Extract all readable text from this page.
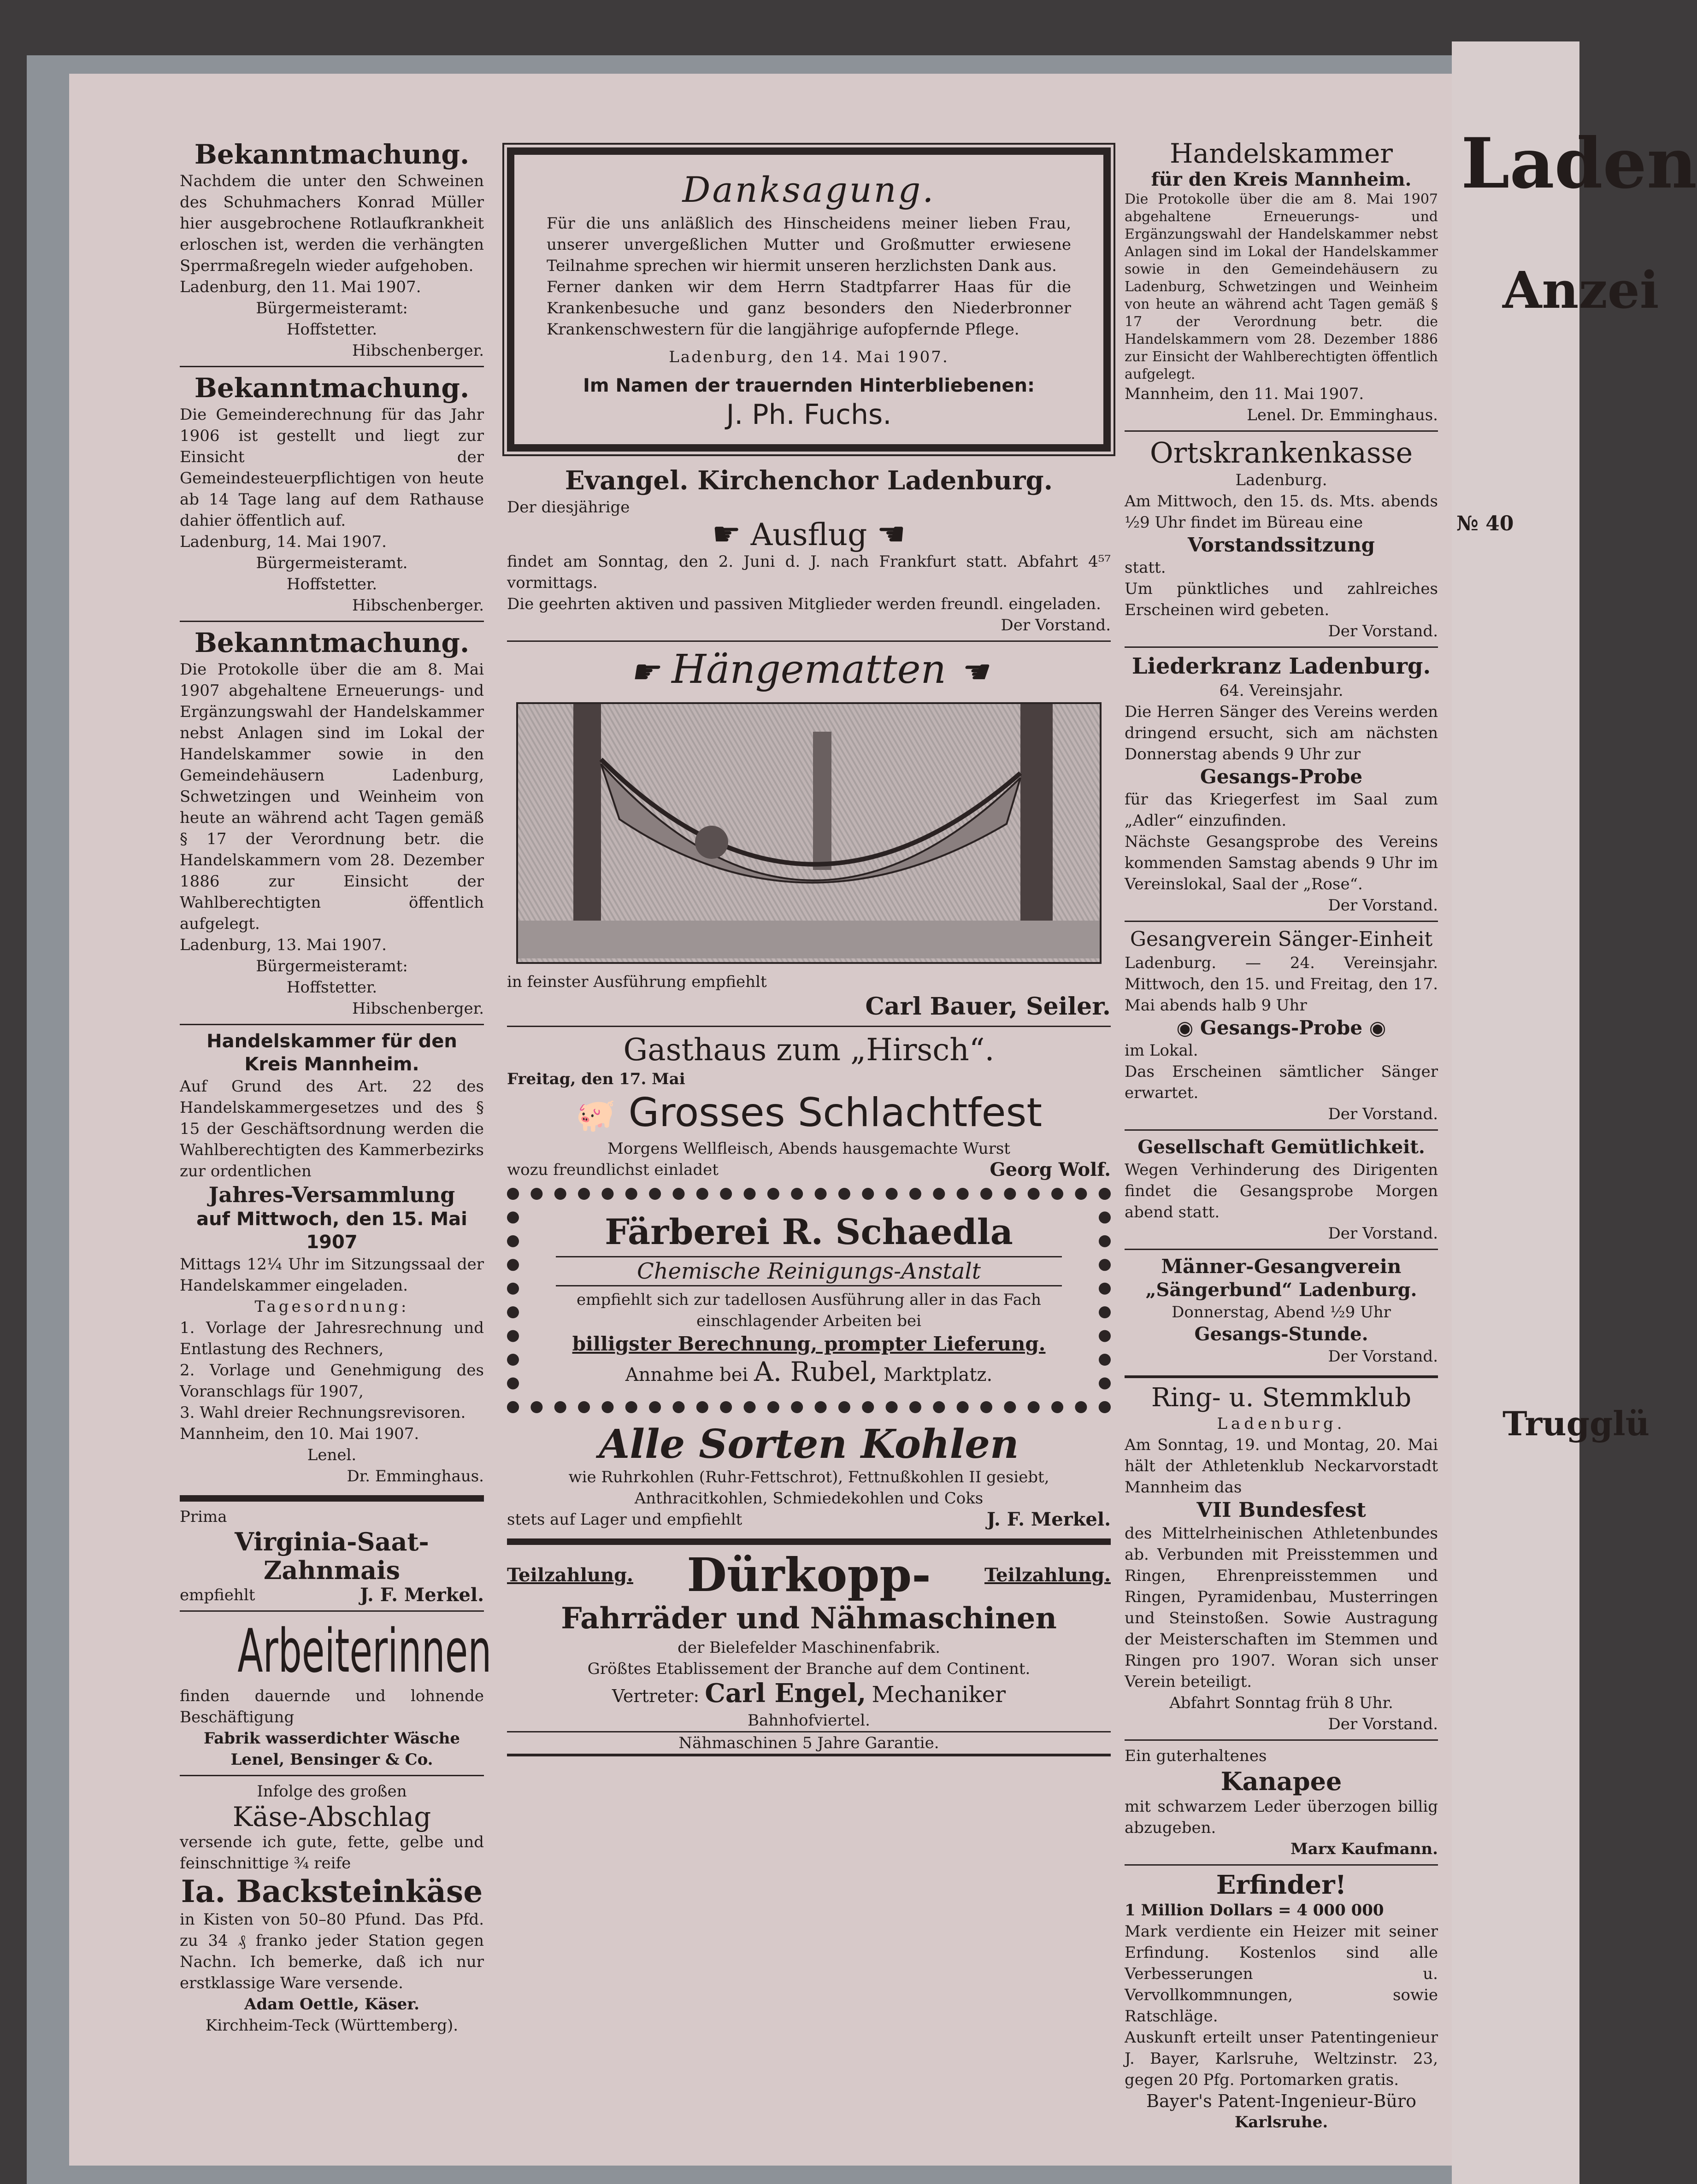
Laden
Anzei
№ 40
Trugglü
Bekanntmachung.

Nachdem die unter den Schweinen des Schuhmachers Konrad Müller hier ausgebrochene Rotlaufkrankheit erloschen ist, werden die verhängten Sperrmaßregeln wieder aufgehoben.

Ladenburg, den 11. Mai 1907.

Bürgermeisteramt:

Hoffstetter.

Hibschenberger.

Bekanntmachung.

Die Gemeinderechnung für das Jahr 1906 ist gestellt und liegt zur Einsicht der Gemeindesteuerpflichtigen von heute ab 14 Tage lang auf dem Rathause dahier öffentlich auf.

Ladenburg, 14. Mai 1907.

Bürgermeisteramt.

Hoffstetter.

Hibschenberger.

Bekanntmachung.

Die Protokolle über die am 8. Mai 1907 abgehaltene Erneuerungs- und Ergänzungswahl der Handelskammer nebst Anlagen sind im Lokal der Handelskammer sowie in den Gemeindehäusern Ladenburg, Schwetzingen und Weinheim von heute an während acht Tagen gemäß § 17 der Verordnung betr. die Handelskammern vom 28. Dezember 1886 zur Einsicht der Wahlberechtigten öffentlich aufgelegt.

Ladenburg, 13. Mai 1907.

Bürgermeisteramt:

Hoffstetter.

Hibschenberger.

Handelskammer für den Kreis Mannheim.

Auf Grund des Art. 22 des Handelskammergesetzes und des § 15 der Geschäftsordnung werden die Wahlberechtigten des Kammerbezirks zur ordentlichen

Jahres-Versammlung
auf Mittwoch, den 15. Mai 1907

Mittags 12¼ Uhr im Sitzungssaal der Handelskammer eingeladen.

Tagesordnung:

1. Vorlage der Jahresrechnung und Entlastung des Rechners,

2. Vorlage und Genehmigung des Voranschlags für 1907,

3. Wahl dreier Rechnungsrevisoren.

Mannheim, den 10. Mai 1907.

Lenel.

Dr. Emminghaus.

Prima

Virginia-Saat-Zahnmais
empfiehlt	J. F. Merkel.
Arbeiterinnen

finden dauernde und lohnende Beschäftigung

Fabrik wasserdichter Wäsche

Lenel, Bensinger & Co.

Infolge des großen

Käse-Abschlag

versende ich gute, fette, gelbe und feinschnittige ¾ reife

Ia. Backsteinkäse

in Kisten von 50–80 Pfund. Das Pfd. zu 34 ₰ franko jeder Station gegen Nachn. Ich bemerke, daß ich nur erstklassige Ware versende.

Adam Oettle, Käser.

Kirchheim-Teck (Württemberg).

Danksagung.

Für die uns anläßlich des Hinscheidens meiner lieben Frau, unserer unvergeßlichen Mutter und Großmutter erwiesene Teilnahme sprechen wir hiermit unseren herzlichsten Dank aus.

Ferner danken wir dem Herrn Stadtpfarrer Haas für die Krankenbesuche und ganz besonders den Niederbronner Krankenschwestern für die langjährige aufopfernde Pflege.

Ladenburg, den 14. Mai 1907.

Im Namen der trauernden Hinterbliebenen:

J. Ph. Fuchs.

Evangel. Kirchenchor Ladenburg.

Der diesjährige

☛ Ausflug ☚

findet am Sonntag, den 2. Juni d. J. nach Frankfurt statt. Abfahrt 4⁵⁷ vormittags.

Die geehrten aktiven und passiven Mitglieder werden freundl. eingeladen.

Der Vorstand.

☛ Hängematten ☚

in feinster Ausführung empfiehlt

Carl Bauer, Seiler.

Gasthaus zum „Hirsch“.

Freitag, den 17. Mai

🐖 Grosses Schlachtfest

Morgens Wellfleisch, Abends hausgemachte Wurst

wozu freundlichst einladet	Georg Wolf.
Färberei R. Schaedla
Chemische Reinigungs-Anstalt

empfiehlt sich zur tadellosen Ausführung aller in das Fach einschlagender Arbeiten bei

billigster Berechnung, prompter Lieferung.

Annahme bei A. Rubel, Marktplatz.

Alle Sorten Kohlen

wie Ruhrkohlen (Ruhr-Fettschrot), Fettnußkohlen II gesiebt, Anthracitkohlen, Schmiedekohlen und Coks

stets auf Lager und empfiehlt	J. F. Merkel.
Teilzahlung. Dürkopp-	Teilzahlung.
Fahrräder und Nähmaschinen

der Bielefelder Maschinenfabrik.

Größtes Etablissement der Branche auf dem Continent.

Vertreter: Carl Engel, Mechaniker

Bahnhofviertel.

Nähmaschinen 5 Jahre Garantie.

Handelskammer
für den Kreis Mannheim.

Die Protokolle über die am 8. Mai 1907 abgehaltene Erneuerungs- und Ergänzungswahl der Handelskammer nebst Anlagen sind im Lokal der Handelskammer sowie in den Gemeindehäusern zu Ladenburg, Schwetzingen und Weinheim von heute an während acht Tagen gemäß § 17 der Verordnung betr. die Handelskammern vom 28. Dezember 1886 zur Einsicht der Wahlberechtigten öffentlich aufgelegt.

Mannheim, den 11. Mai 1907.

Lenel. Dr. Emminghaus.

Ortskrankenkasse

Ladenburg.

Am Mittwoch, den 15. ds. Mts. abends ½9 Uhr findet im Büreau eine

Vorstandssitzung

statt.

Um pünktliches und zahlreiches Erscheinen wird gebeten.

Der Vorstand.

Liederkranz Ladenburg.

64. Vereinsjahr.

Die Herren Sänger des Vereins werden dringend ersucht, sich am nächsten Donnerstag abends 9 Uhr zur

Gesangs-Probe

für das Kriegerfest im Saal zum „Adler“ einzufinden.

Nächste Gesangsprobe des Vereins kommenden Samstag abends 9 Uhr im Vereinslokal, Saal der „Rose“.

Der Vorstand.

Gesangverein Sänger-Einheit

Ladenburg. — 24. Vereinsjahr. Mittwoch, den 15. und Freitag, den 17. Mai abends halb 9 Uhr

◉ Gesangs-Probe ◉

im Lokal.

Das Erscheinen sämtlicher Sänger erwartet.

Der Vorstand.

Gesellschaft Gemütlichkeit.

Wegen Verhinderung des Dirigenten findet die Gesangsprobe Morgen abend statt.

Der Vorstand.

Männer-Gesangverein
„Sängerbund“ Ladenburg.

Donnerstag, Abend ½9 Uhr

Gesangs-Stunde.

Der Vorstand.

Ring- u. Stemmklub

Ladenburg.

Am Sonntag, 19. und Montag, 20. Mai hält der Athletenklub Neckarvorstadt Mannheim das

VII Bundesfest

des Mittelrheinischen Athletenbundes ab. Verbunden mit Preisstemmen und Ringen, Ehrenpreisstemmen und Ringen, Pyramidenbau, Musterringen und Steinstoßen. Sowie Austragung der Meisterschaften im Stemmen und Ringen pro 1907. Woran sich unser Verein beteiligt.

Abfahrt Sonntag früh 8 Uhr.

Der Vorstand.

Ein guterhaltenes

Kanapee

mit schwarzem Leder überzogen billig abzugeben.

Marx Kaufmann.

Erfinder!

1 Million Dollars = 4 000 000

Mark verdiente ein Heizer mit seiner Erfindung. Kostenlos sind alle Verbesserungen u. Vervollkommnungen, sowie Ratschläge.

Auskunft erteilt unser Patentingenieur J. Bayer, Karlsruhe, Weltzinstr. 23, gegen 20 Pfg. Portomarken gratis.

Bayer's Patent-Ingenieur-Büro

Karlsruhe.
